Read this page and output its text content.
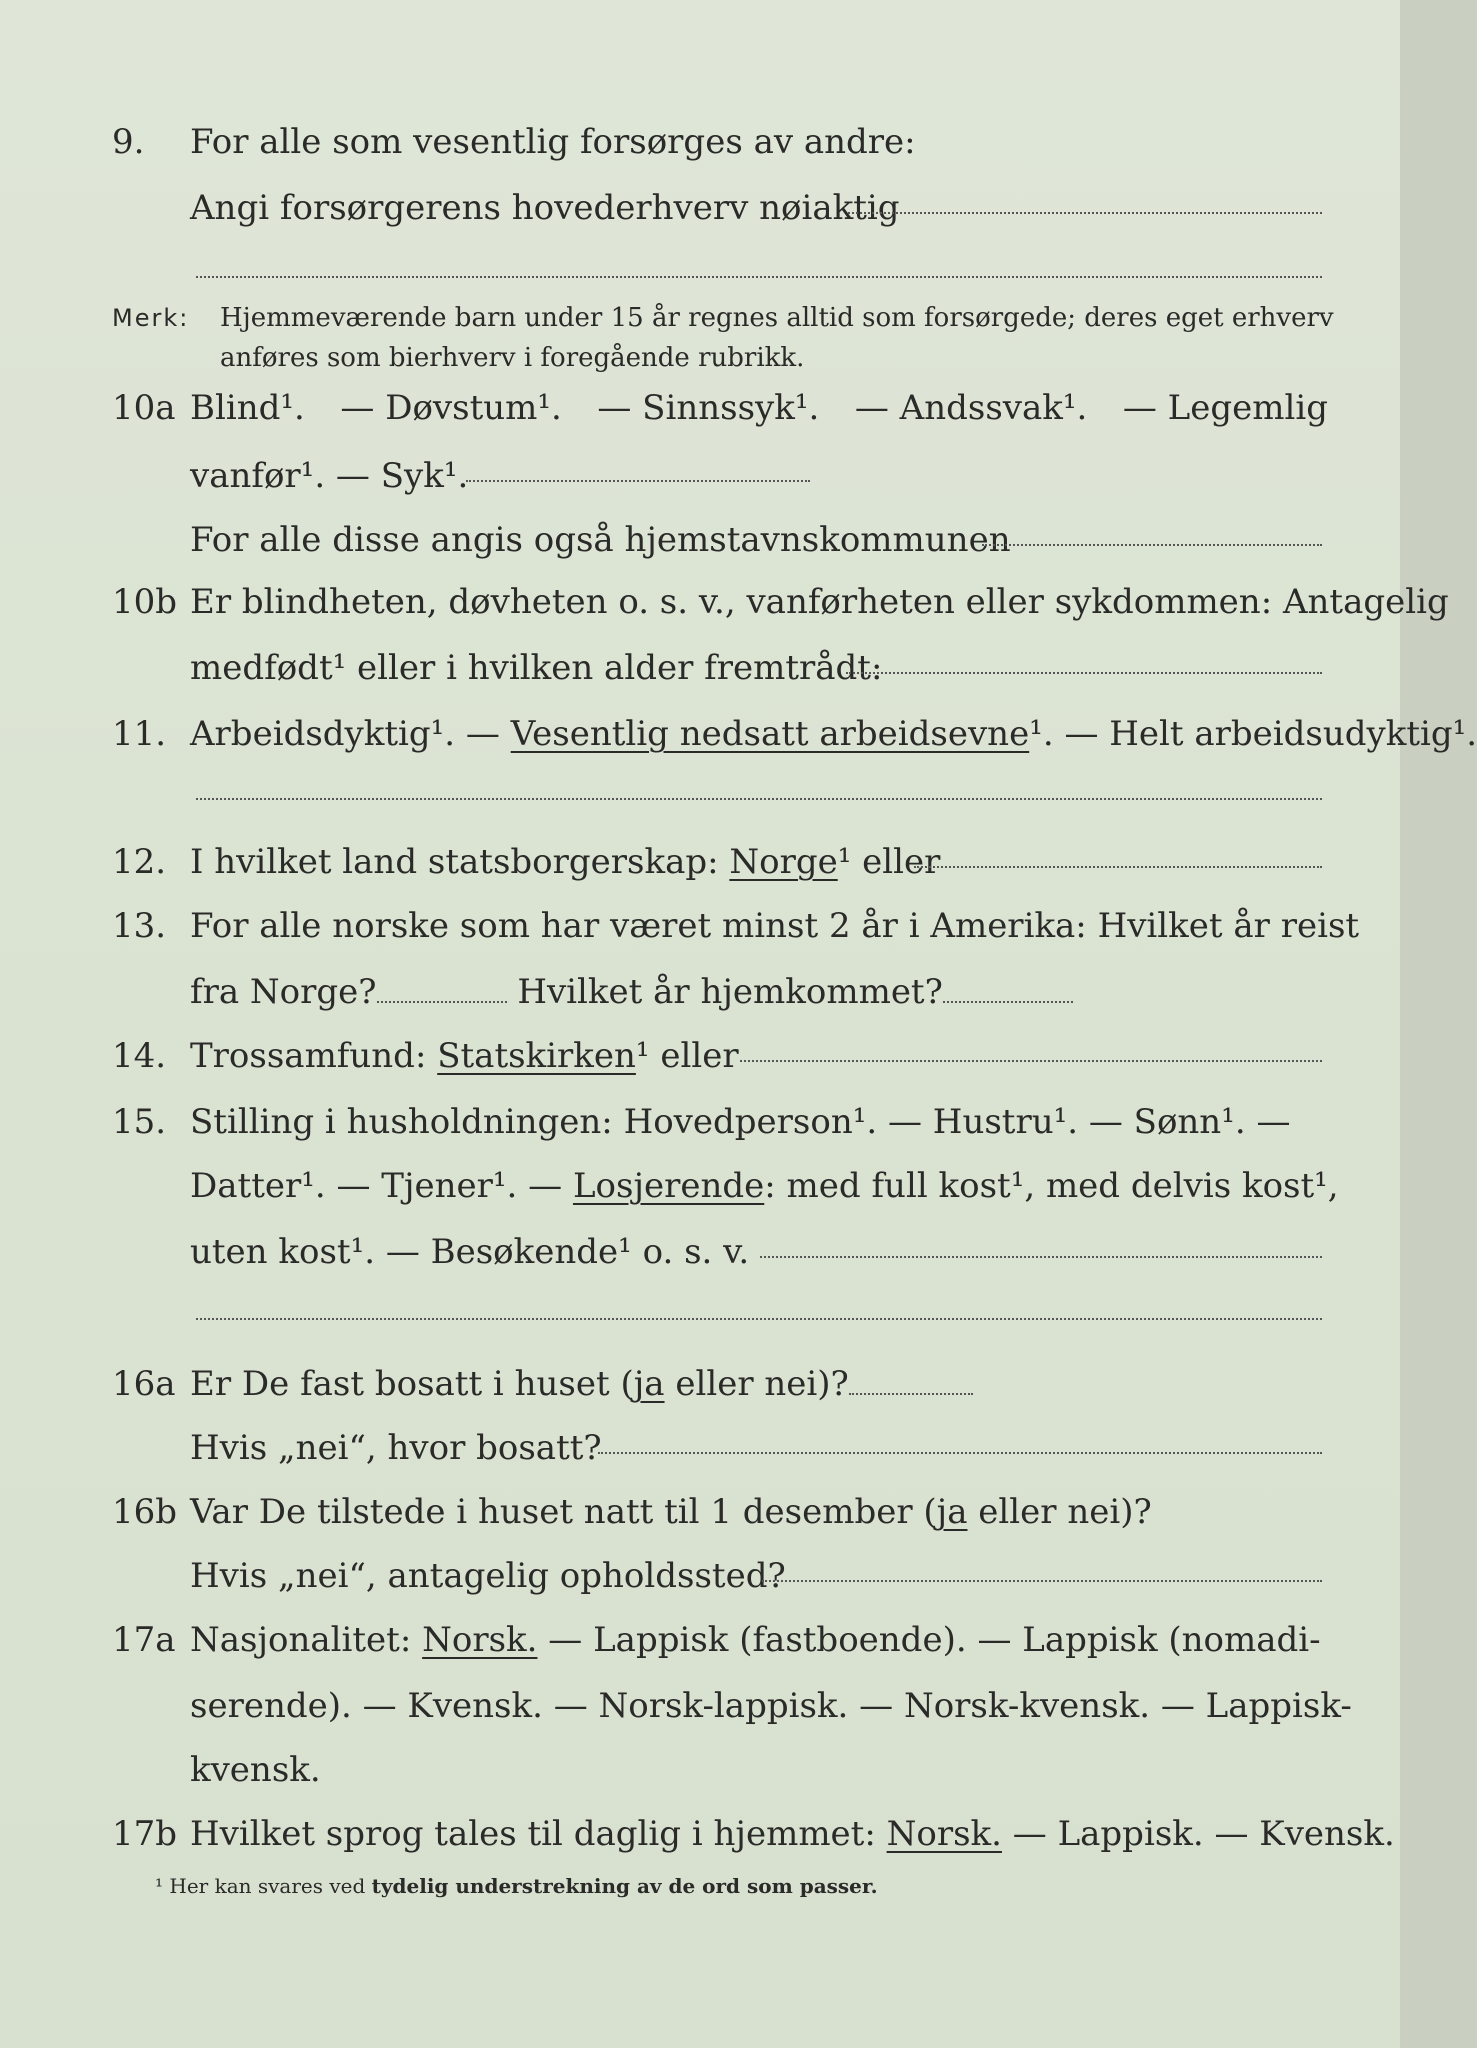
9.	For alle som vesentlig forsørges av andre:
Angi forsørgerens hovederhverv nøiaktig
Merk: Hjemmeværende barn under 15 år regnes alltid som forsørgede; deres eget erhverv
anføres som bierhverv i foregående rubrikk.
10a Blind¹. — Døvstum¹. — Sinnssyk¹. — Andssvak¹. — Legemlig
vanfør¹. — Syk¹.
For alle disse angis også hjemstavnskommunen
10b Er blindheten, døvheten o. s. v., vanførheten eller sykdommen: Antagelig
medfødt¹ eller i hvilken alder fremtrådt:
11. Arbeidsdyktig¹. — Vesentlig nedsatt arbeidsevne¹. — Helt arbeidsudyktig¹.
12. I hvilket land statsborgerskap: Norge¹ eller
13. For alle norske som har været minst 2 år i Amerika: Hvilket år reist
fra Norge?	Hvilket år hjemkommet?
14. Trossamfund: Statskirken¹ eller
15. Stilling i husholdningen: Hovedperson¹. — Hustru¹. — Sønn¹. —
Datter¹. — Tjener¹. — Losjerende: med full kost¹, med delvis kost¹,
uten kost¹. — Besøkende¹ o. s. v.
16a Er De fast bosatt i huset (ja eller nei)?
Hvis „nei“, hvor bosatt?
16b Var De tilstede i huset natt til 1 desember (ja eller nei)?
Hvis „nei“, antagelig opholdssted?
17a Nasjonalitet: Norsk. — Lappisk (fastboende). — Lappisk (nomadi-
serende). — Kvensk. — Norsk-lappisk. — Norsk-kvensk. — Lappisk-
kvensk.
17b Hvilket sprog tales til daglig i hjemmet: Norsk. — Lappisk. — Kvensk.
¹ Her kan svares ved tydelig understrekning av de ord som passer.
